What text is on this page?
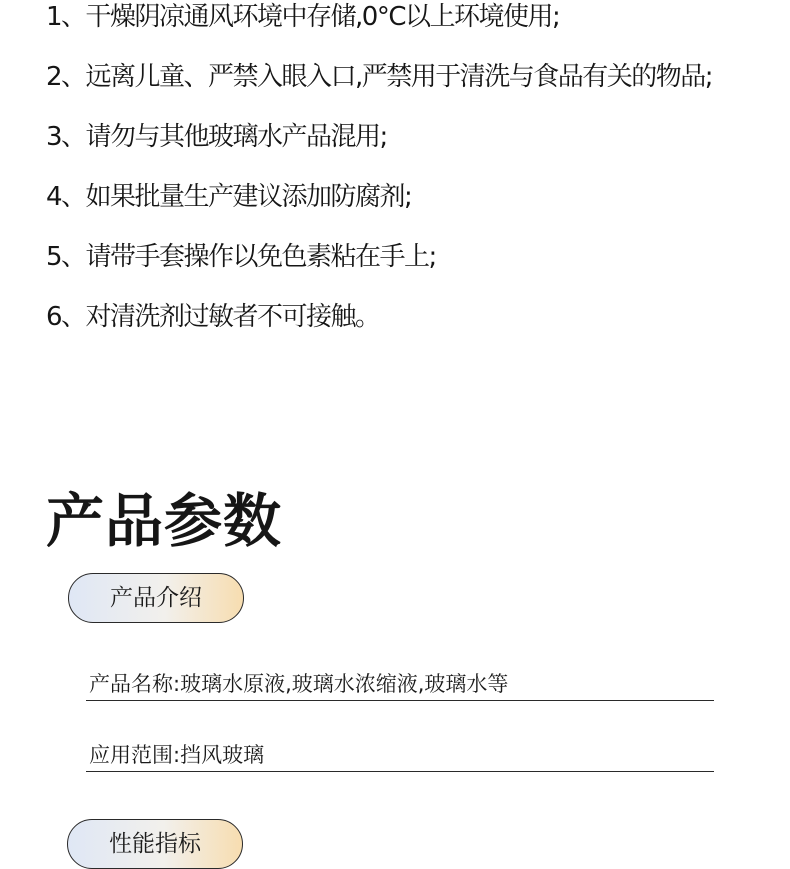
1、干燥阴凉通风环境中存储,0°C以上环境使用;
2、远离儿童、严禁入眼入口,严禁用于清洗与食品有关的物品;
3、请勿与其他玻璃水产品混用;
4、如果批量生产建议添加防腐剂;
5、请带手套操作以免色素粘在手上;
6、对清洗剂过敏者不可接触。
产品参数
产品介绍
产品名称:玻璃水原液,玻璃水浓缩液,玻璃水等
应用范围:挡风玻璃
性能指标
